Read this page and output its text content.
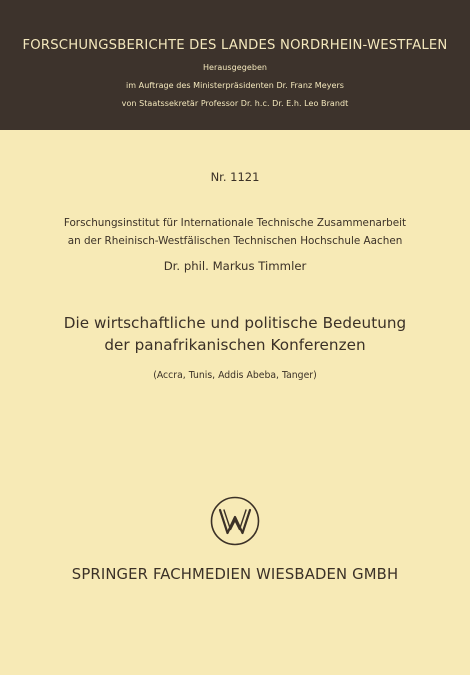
FORSCHUNGSBERICHTE DES LANDES NORDRHEIN-WESTFALEN
Herausgegeben
im Auftrage des Ministerpräsidenten Dr. Franz Meyers
von Staatssekretär Professor Dr. h.c. Dr. E.h. Leo Brandt
Nr. 1121
Forschungsinstitut für Internationale Technische Zusammenarbeit
an der Rheinisch-Westfälischen Technischen Hochschule Aachen
Dr. phil. Markus Timmler
Die wirtschaftliche und politische Bedeutung
der panafrikanischen Konferenzen
(Accra, Tunis, Addis Abeba, Tanger)
SPRINGER FACHMEDIEN WIESBADEN GMBH
